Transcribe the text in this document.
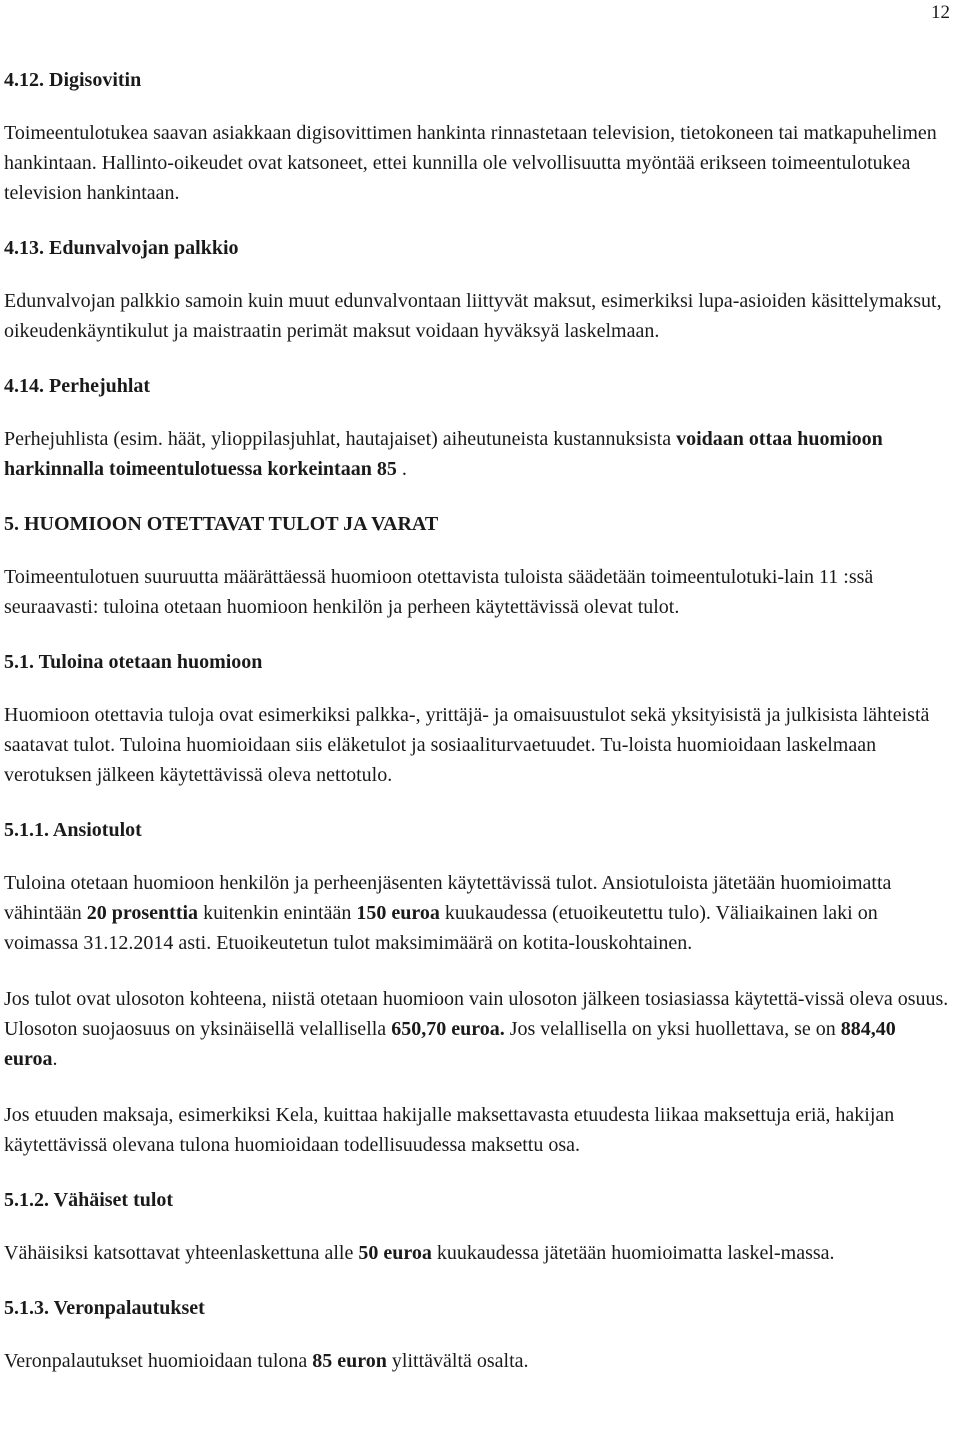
12
4.12. Digisovitin

Toimeentulotukea saavan asiakkaan digisovittimen hankinta rinnastetaan television, tietokoneen tai matkapuhelimen hankintaan. Hallinto-oikeudet ovat katsoneet, ettei kunnilla ole velvollisuutta myöntää erikseen toimeentulotukea television hankintaan.

4.13. Edunvalvojan palkkio

Edunvalvojan palkkio samoin kuin muut edunvalvontaan liittyvät maksut, esimerkiksi lupa-asioiden käsittelymaksut, oikeudenkäyntikulut ja maistraatin perimät maksut voidaan hyväksyä laskelmaan.

4.14. Perhejuhlat

Perhejuhlista (esim. häät, ylioppilasjuhlat, hautajaiset) aiheutuneista kustannuksista voidaan ottaa huomioon harkinnalla toimeentulotuessa korkeintaan 85 .

5. HUOMIOON OTETTAVAT TULOT JA VARAT

Toimeentulotuen suuruutta määrättäessä huomioon otettavista tuloista säädetään toimeentulotuki-lain 11 :ssä seuraavasti: tuloina otetaan huomioon henkilön ja perheen käytettävissä olevat tulot.

5.1. Tuloina otetaan huomioon

Huomioon otettavia tuloja ovat esimerkiksi palkka-, yrittäjä- ja omaisuustulot sekä yksityisistä ja julkisista lähteistä saatavat tulot. Tuloina huomioidaan siis eläketulot ja sosiaaliturvaetuudet. Tu-loista huomioidaan laskelmaan verotuksen jälkeen käytettävissä oleva nettotulo.

5.1.1. Ansiotulot

Tuloina otetaan huomioon henkilön ja perheenjäsenten käytettävissä tulot. Ansiotuloista jätetään huomioimatta vähintään 20 prosenttia kuitenkin enintään 150 euroa kuukaudessa (etuoikeutettu tulo). Väliaikainen laki on voimassa 31.12.2014 asti. Etuoikeutetun tulot maksimimäärä on kotita-louskohtainen.

Jos tulot ovat ulosoton kohteena, niistä otetaan huomioon vain ulosoton jälkeen tosiasiassa käytettä-vissä oleva osuus. Ulosoton suojaosuus on yksinäisellä velallisella 650,70 euroa. Jos velallisella on yksi huollettava, se on 884,40 euroa.

Jos etuuden maksaja, esimerkiksi Kela, kuittaa hakijalle maksettavasta etuudesta liikaa maksettuja eriä, hakijan käytettävissä olevana tulona huomioidaan todellisuudessa maksettu osa.

5.1.2. Vähäiset tulot

Vähäisiksi katsottavat yhteenlaskettuna alle 50 euroa kuukaudessa jätetään huomioimatta laskel-massa.

5.1.3. Veronpalautukset

Veronpalautukset huomioidaan tulona 85 euron ylittävältä osalta.
